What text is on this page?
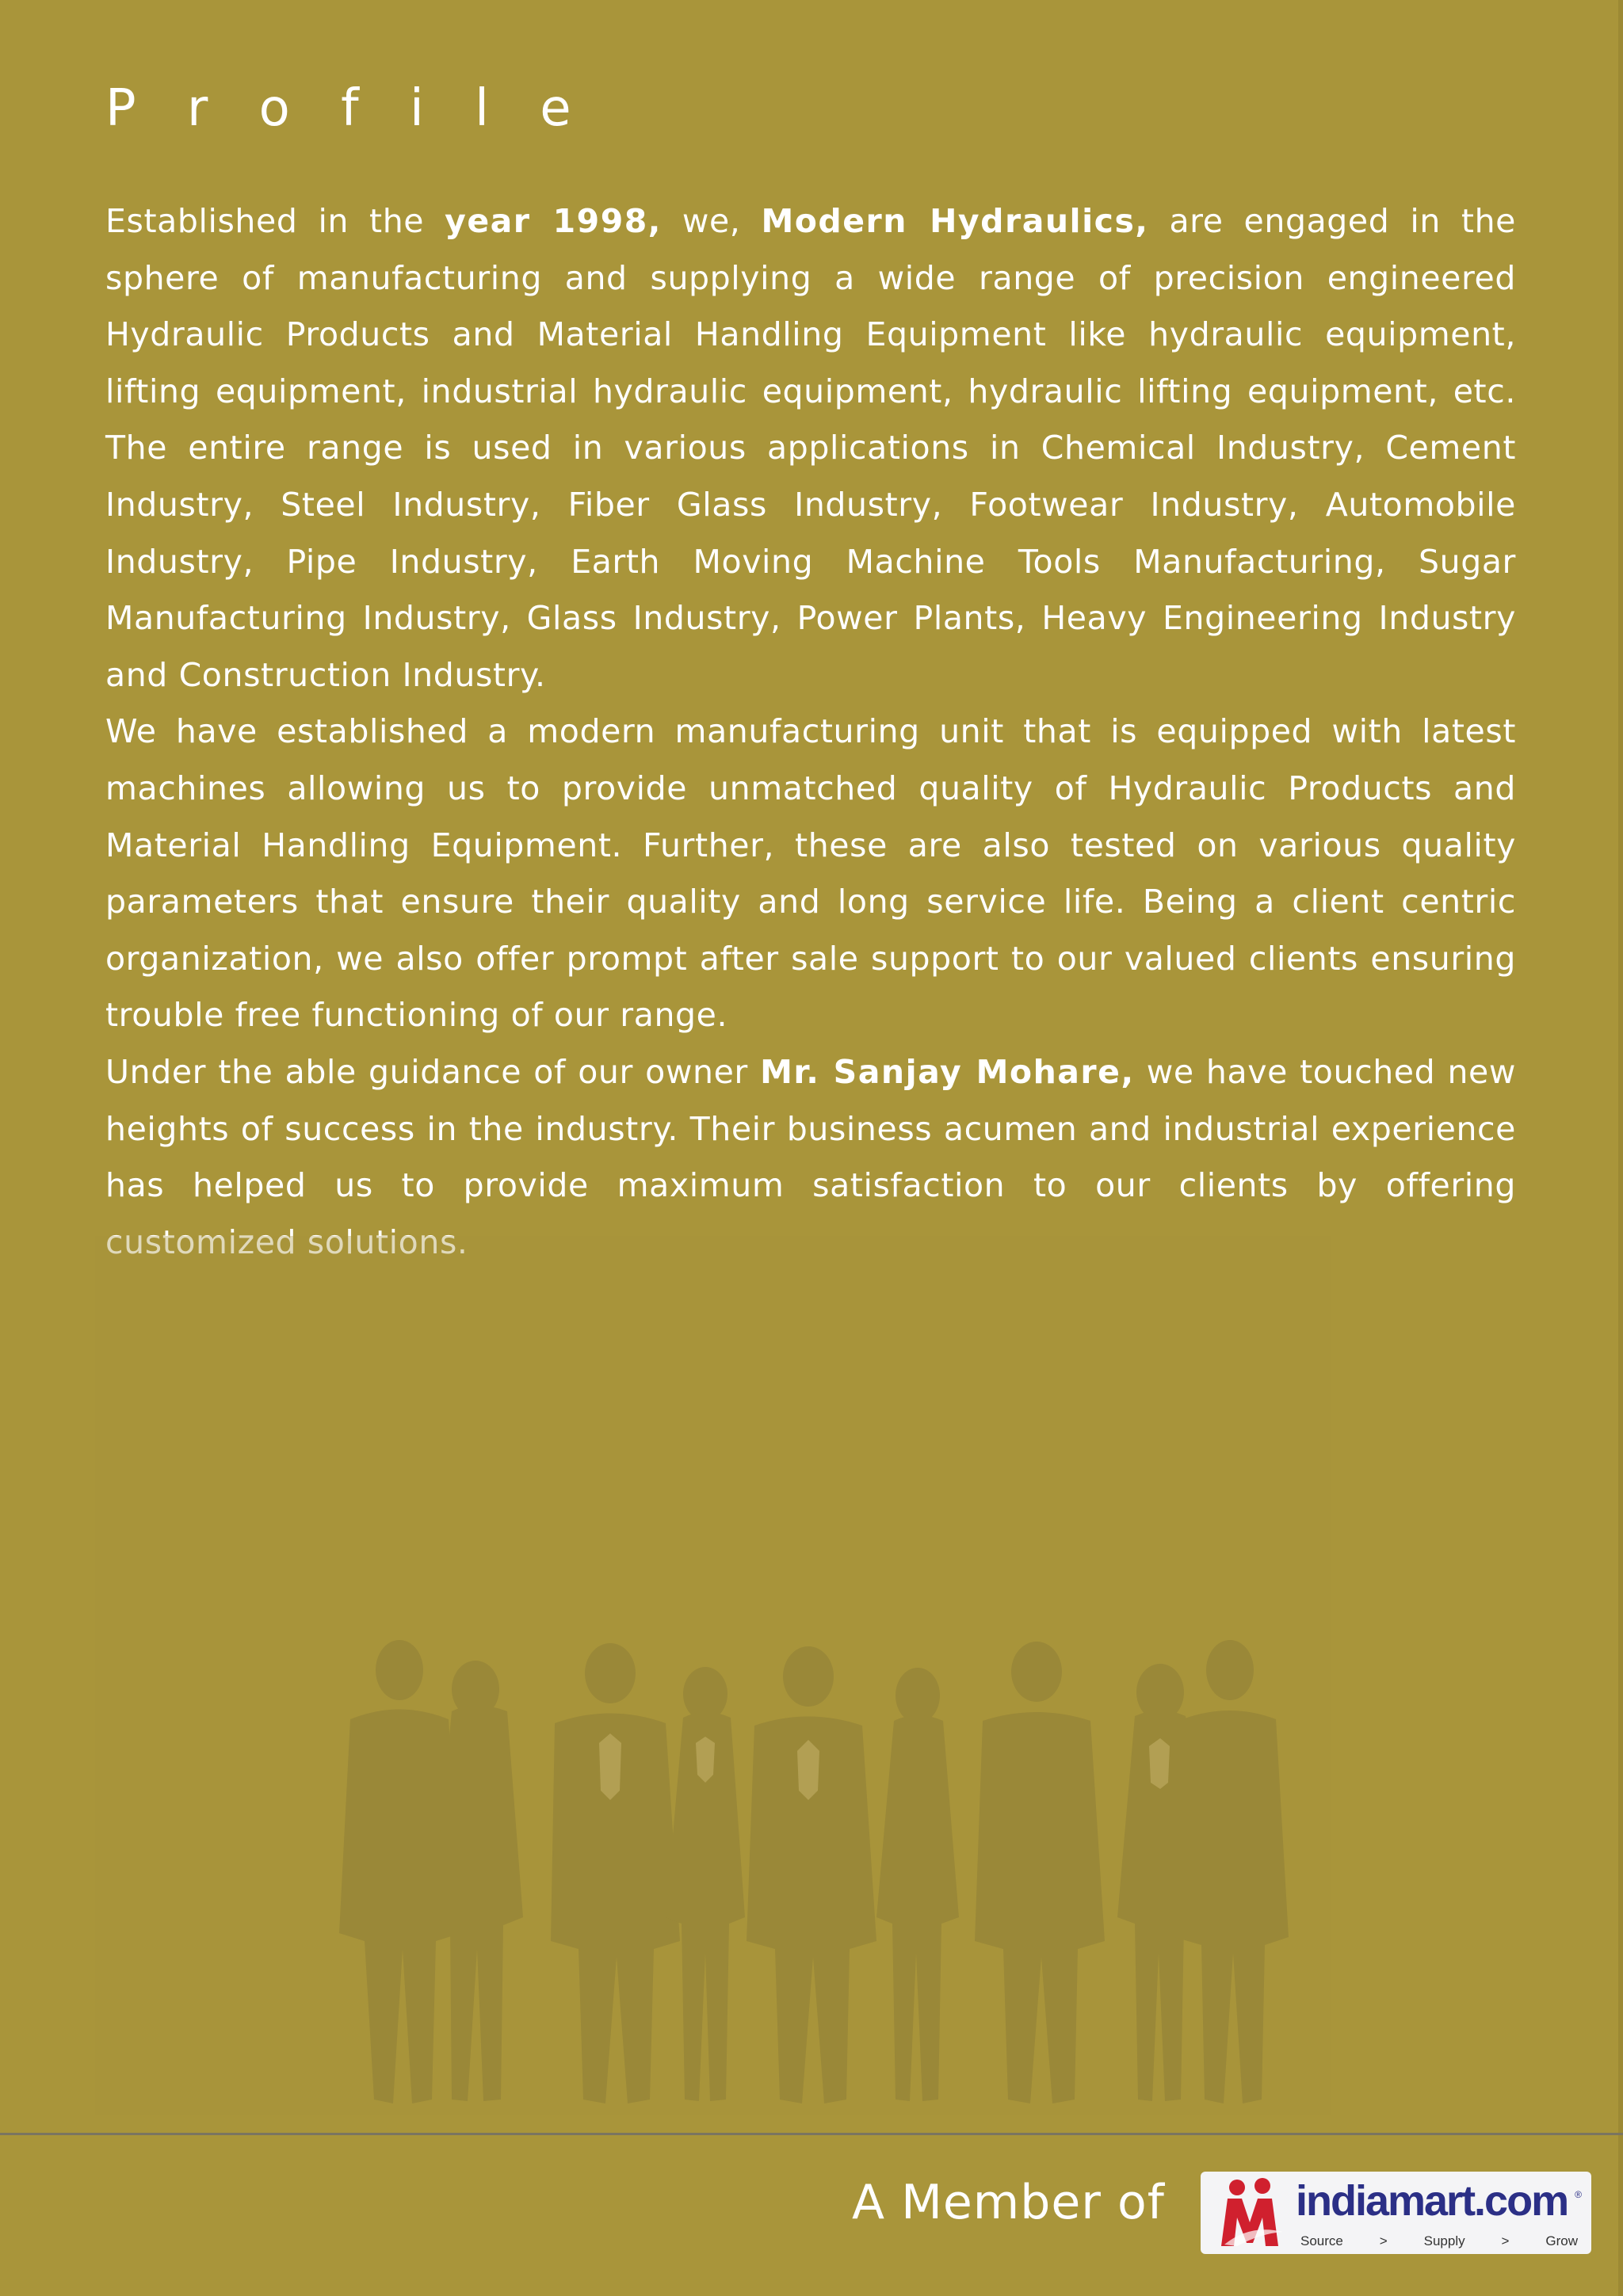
P r o f i l e

Established in the year 1998, we, Modern Hydraulics, are engaged in the sphere of manufacturing and supplying a wide range of precision engineered Hydraulic Products and Material Handling Equipment like hydraulic equipment, lifting equipment, industrial hydraulic equipment, hydraulic lifting equipment, etc. The entire range is used in various applications in Chemical Industry, Cement Industry, Steel Industry, Fiber Glass Industry, Footwear Industry, Automobile Industry, Pipe Industry, Earth Moving Machine Tools Manufacturing, Sugar Manufacturing Industry, Glass Industry, Power Plants, Heavy Engineering Industry and Construction Industry.

We have established a modern manufacturing unit that is equipped with latest machines allowing us to provide unmatched quality of Hydraulic Products and Material Handling Equipment. Further, these are also tested on various quality parameters that ensure their quality and long service life. Being a client centric organization, we also offer prompt after sale support to our valued clients ensuring trouble free functioning of our range.

Under the able guidance of our owner Mr. Sanjay Mohare, we have touched new heights of success in the industry. Their business acumen and industrial experience has helped us to provide maximum satisfaction to our clients by offering customized solutions.

A Member of	indiamart.com ®
Source	>	Supply	>	Grow
